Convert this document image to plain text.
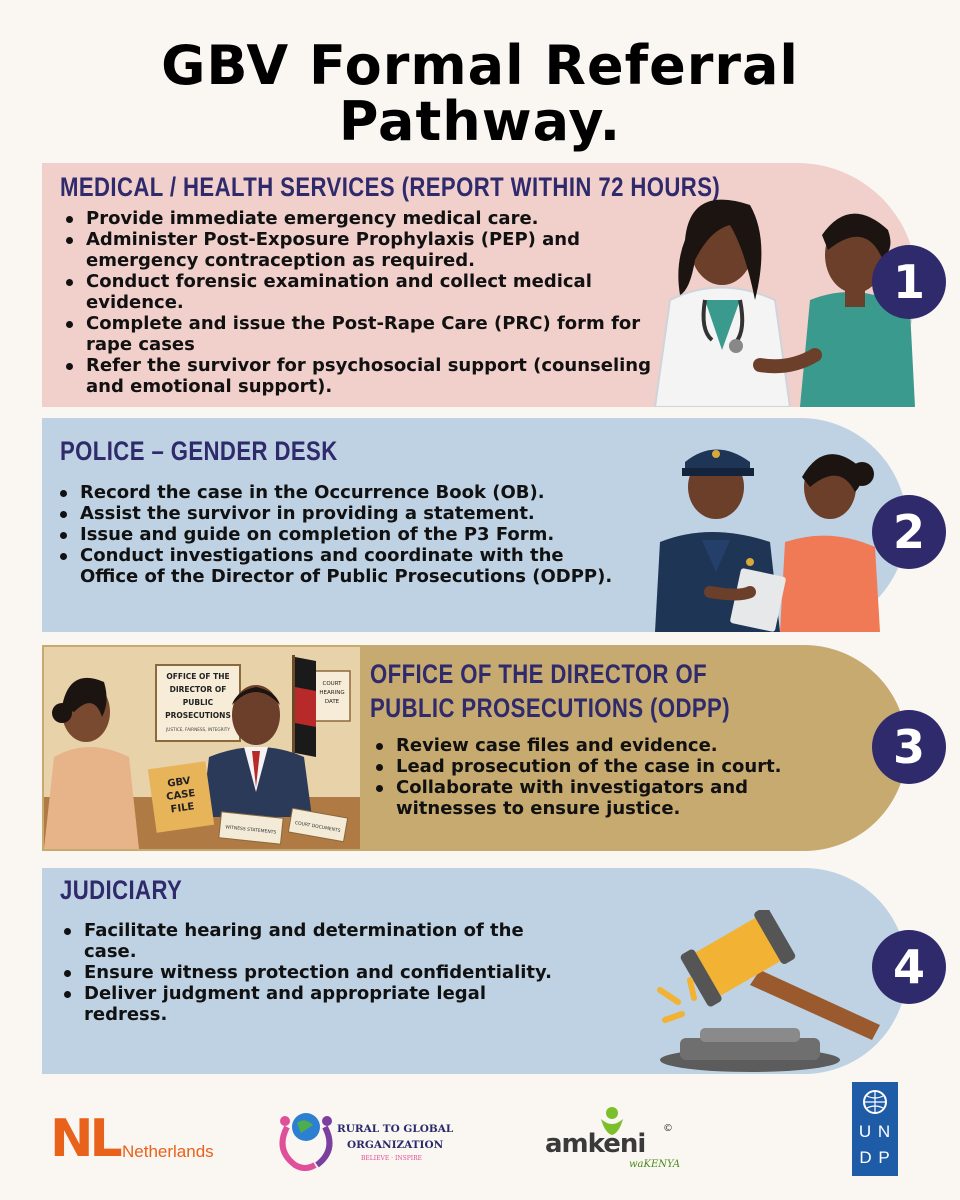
GBV Formal Referral
Pathway.
MEDICAL / HEALTH SERVICES (REPORT WITHIN 72 HOURS)
Provide immediate emergency medical care.
Administer Post-Exposure Prophylaxis (PEP) and emergency contraception as required.
Conduct forensic examination and collect medical evidence.
Complete and issue the Post-Rape Care (PRC) form for rape cases
Refer the survivor for psychosocial support (counseling and emotional support).
1
POLICE – GENDER DESK
Record the case in the Occurrence Book (OB).
Assist the survivor in providing a statement.
Issue and guide on completion of the P3 Form.
Conduct investigations and coordinate with the Office of the Director of Public Prosecutions (ODPP).
2
OFFICE OF THE
DIRECTOR OF
PUBLIC
PROSECUTIONS
JUSTICE, FAIRNESS, INTEGRITY
COURT
HEARING
DATE
GBV
CASE
FILE
WITNESS STATEMENTS	COURT DOCUMENTS
OFFICE OF THE DIRECTOR OF PUBLIC PROSECUTIONS (ODPP)
Review case files and evidence.
Lead prosecution of the case in court.
Collaborate with investigators and witnesses to ensure justice.
3
JUDICIARY
Facilitate hearing and determination of the case.
Ensure witness protection and confidentiality.
Deliver judgment and appropriate legal redress.
4
NL Netherlands
RURAL TO GLOBAL
ORGANIZATION
BELIEVE · INSPIRE	amkeni
©
waKENYA
U N
D P
